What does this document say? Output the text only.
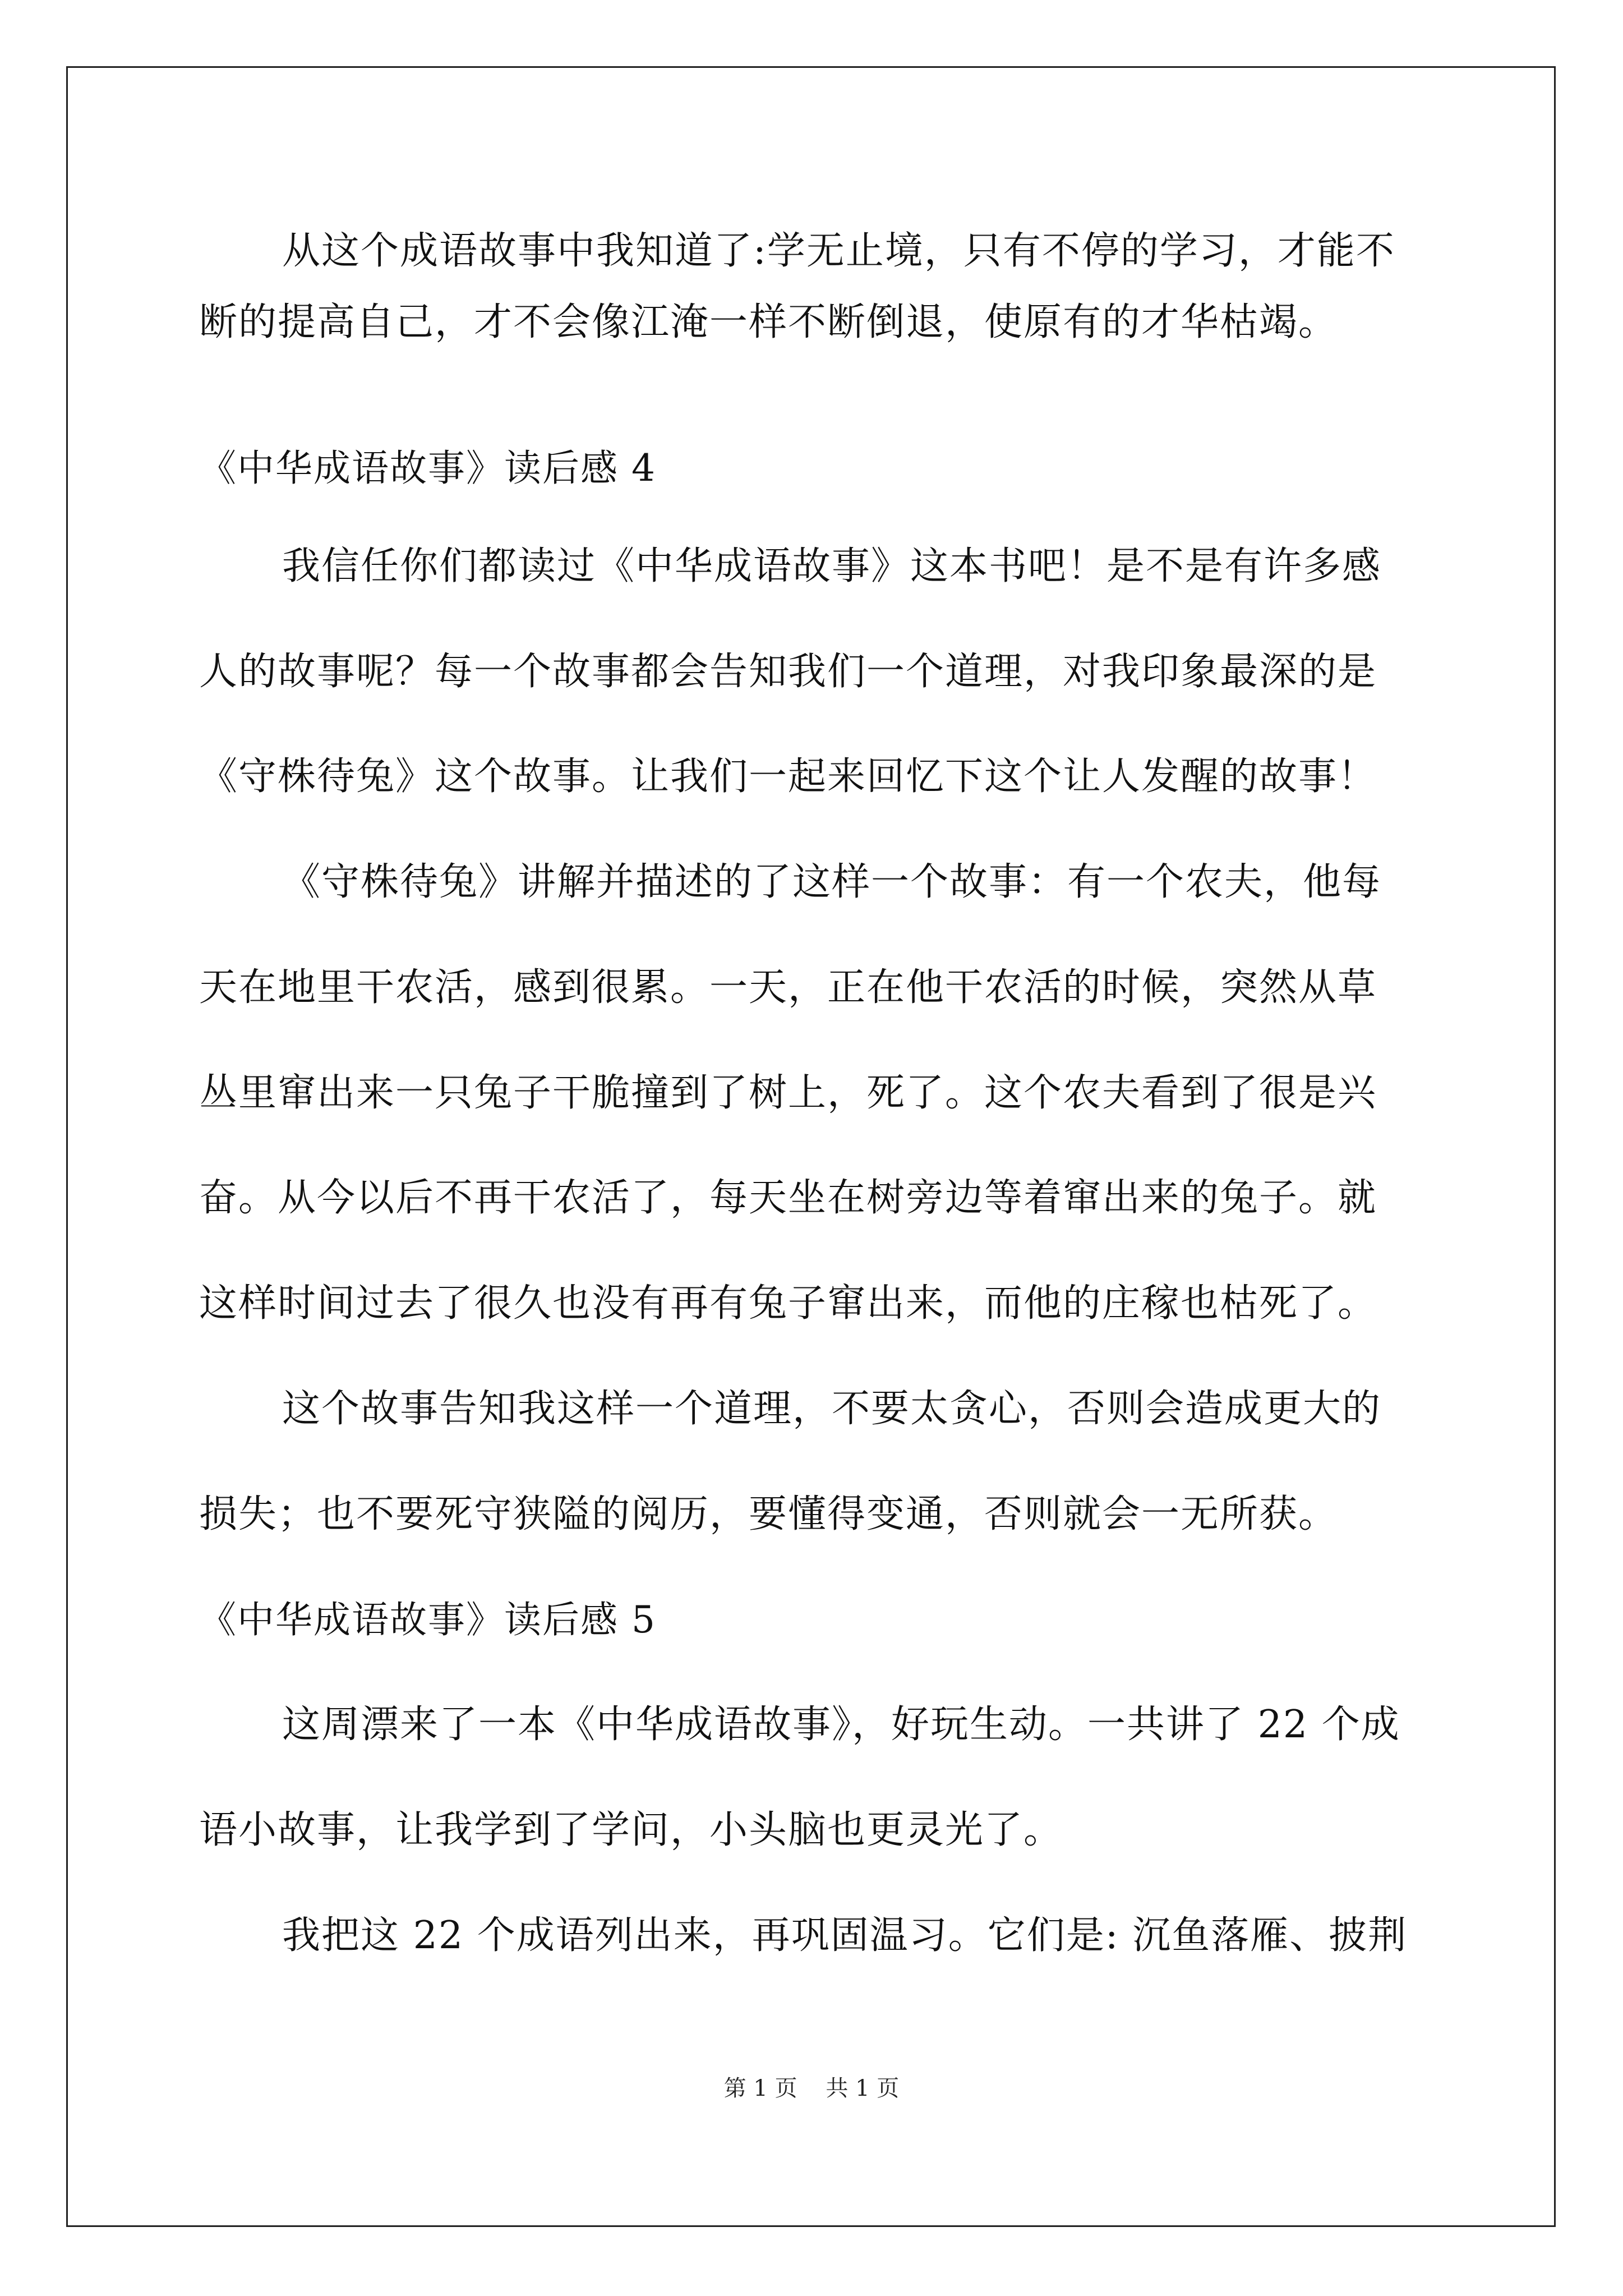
从这个成语故事中我知道了:学无止境，只有不停的学习，才能不
断的提高自己，才不会像江淹一样不断倒退，使原有的才华枯竭。
《中华成语故事》读后感 4
我信任你们都读过《中华成语故事》这本书吧！是不是有许多感
人的故事呢？每一个故事都会告知我们一个道理，对我印象最深的是
《守株待兔》这个故事。让我们一起来回忆下这个让人发醒的故事！
《守株待兔》讲解并描述的了这样一个故事：有一个农夫，他每
天在地里干农活，感到很累。一天，正在他干农活的时候，突然从草
丛里窜出来一只兔子干脆撞到了树上，死了。这个农夫看到了很是兴
奋。从今以后不再干农活了，每天坐在树旁边等着窜出来的兔子。就
这样时间过去了很久也没有再有兔子窜出来，而他的庄稼也枯死了。
这个故事告知我这样一个道理，不要太贪心，否则会造成更大的
损失；也不要死守狭隘的阅历，要懂得变通，否则就会一无所获。
《中华成语故事》读后感 5
这周漂来了一本《中华成语故事》，好玩生动。一共讲了 22 个成
语小故事，让我学到了学问，小头脑也更灵光了。
我把这 22 个成语列出来，再巩固温习。它们是: 沉鱼落雁、披荆
第 1 页    共 1 页
